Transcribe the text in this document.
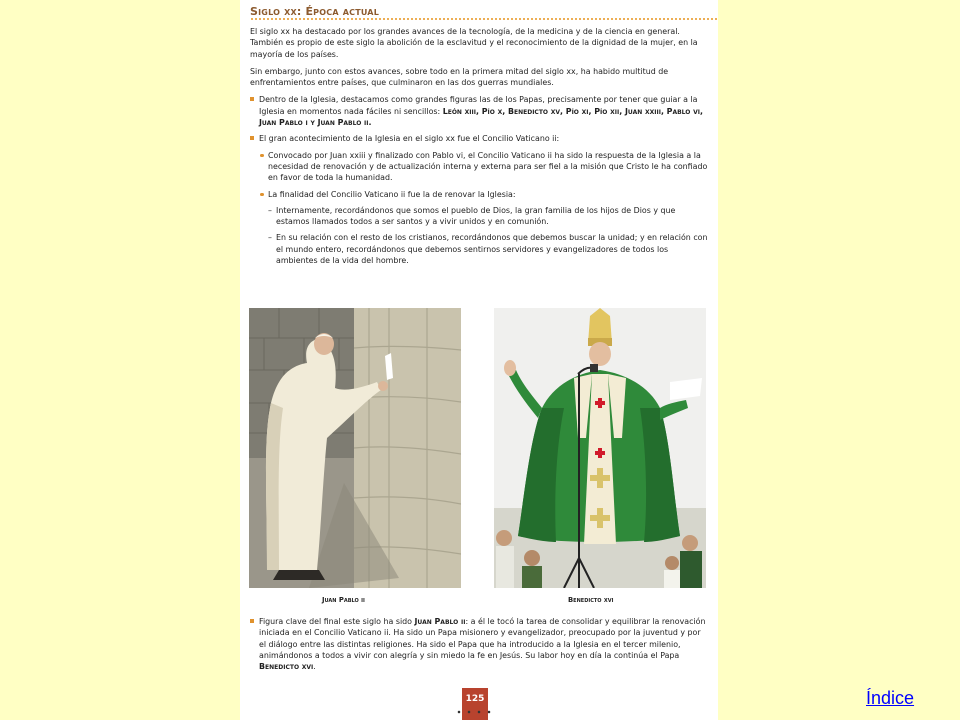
Siglo xx: Época actual

El siglo xx ha destacado por los grandes avances de la tecnología, de la medicina y de la ciencia en general. También es propio de este siglo la abolición de la esclavitud y el reconocimiento de la dignidad de la mujer, en la mayoría de los países.

Sin embargo, junto con estos avances, sobre todo en la primera mitad del siglo xx, ha habido multitud de enfrentamientos entre países, que culminaron en las dos guerras mundiales.

Dentro de la Iglesia, destacamos como grandes figuras las de los Papas, precisamente por tener que guiar a la Iglesia en momentos nada fáciles ni sencillos: León xiii, Pío x, Benedicto xv, Pío xi, Pío xii, Juan xxiii, Pablo vi, Juan Pablo i y Juan Pablo ii.
El gran acontecimiento de la Iglesia en el siglo xx fue el Concilio Vaticano ii:
Convocado por Juan xxiii y finalizado con Pablo vi, el Concilio Vaticano ii ha sido la respuesta de la Iglesia a la necesidad de renovación y de actualización interna y externa para ser fiel a la misión que Cristo le ha confiado en favor de toda la humanidad.
La finalidad del Concilio Vaticano ii fue la de renovar la Iglesia:
– Internamente, recordándonos que somos el pueblo de Dios, la gran familia de los hijos de Dios y que estamos llamados todos a ser santos y a vivir unidos y en comunión.
– En su relación con el resto de los cristianos, recordándonos que debemos buscar la unidad; y en relación con el mundo entero, recordándonos que debemos sentirnos servidores y evangelizadores de todos los ambientes de la vida del hombre.
Juan Pablo ii	Benedicto xvi
Figura clave del final este siglo ha sido Juan Pablo ii: a él le tocó la tarea de consolidar y equilibrar la renovación iniciada en el Concilio Vaticano ii. Ha sido un Papa misionero y evangelizador, preocupado por la juventud y por el diálogo entre las distintas religiones. Ha sido el Papa que ha introducido a la Iglesia en el tercer milenio, animándonos a todos a vivir con alegría y sin miedo la fe en Jesús. Su labor hoy en día la continúa el Papa Benedicto xvi.
125	Índice
